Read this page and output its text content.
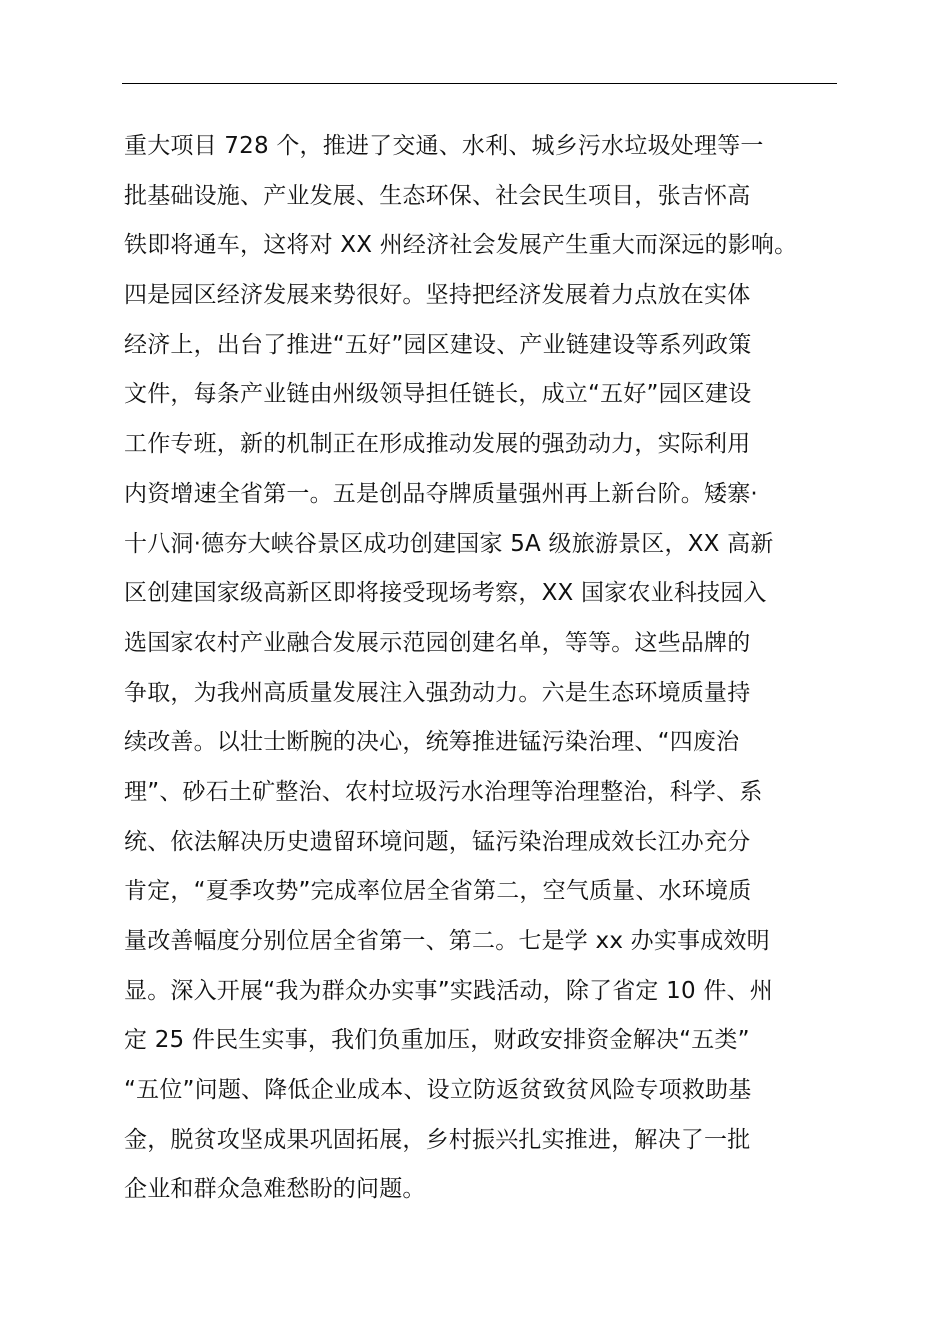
重大项目 728 个，推进了交通、水利、城乡污水垃圾处理等一
批基础设施、产业发展、生态环保、社会民生项目，张吉怀高
铁即将通车，这将对 XX 州经济社会发展产生重大而深远的影响。
四是园区经济发展来势很好。坚持把经济发展着力点放在实体
经济上，出台了推进“五好”园区建设、产业链建设等系列政策
文件，每条产业链由州级领导担任链长，成立“五好”园区建设
工作专班，新的机制正在形成推动发展的强劲动力，实际利用
内资增速全省第一。五是创品夺牌质量强州再上新台阶。矮寨·
十八洞·德夯大峡谷景区成功创建国家 5A 级旅游景区，XX 高新
区创建国家级高新区即将接受现场考察，XX 国家农业科技园入
选国家农村产业融合发展示范园创建名单，等等。这些品牌的
争取，为我州高质量发展注入强劲动力。六是生态环境质量持
续改善。以壮士断腕的决心，统筹推进锰污染治理、“四废治
理”、砂石土矿整治、农村垃圾污水治理等治理整治，科学、系
统、依法解决历史遗留环境问题，锰污染治理成效长江办充分
肯定，“夏季攻势”完成率位居全省第二，空气质量、水环境质
量改善幅度分别位居全省第一、第二。七是学 xx 办实事成效明
显。深入开展“我为群众办实事”实践活动，除了省定 10 件、州
定 25 件民生实事，我们负重加压，财政安排资金解决“五类”
“五位”问题、降低企业成本、设立防返贫致贫风险专项救助基
金，脱贫攻坚成果巩固拓展，乡村振兴扎实推进，解决了一批
企业和群众急难愁盼的问题。
